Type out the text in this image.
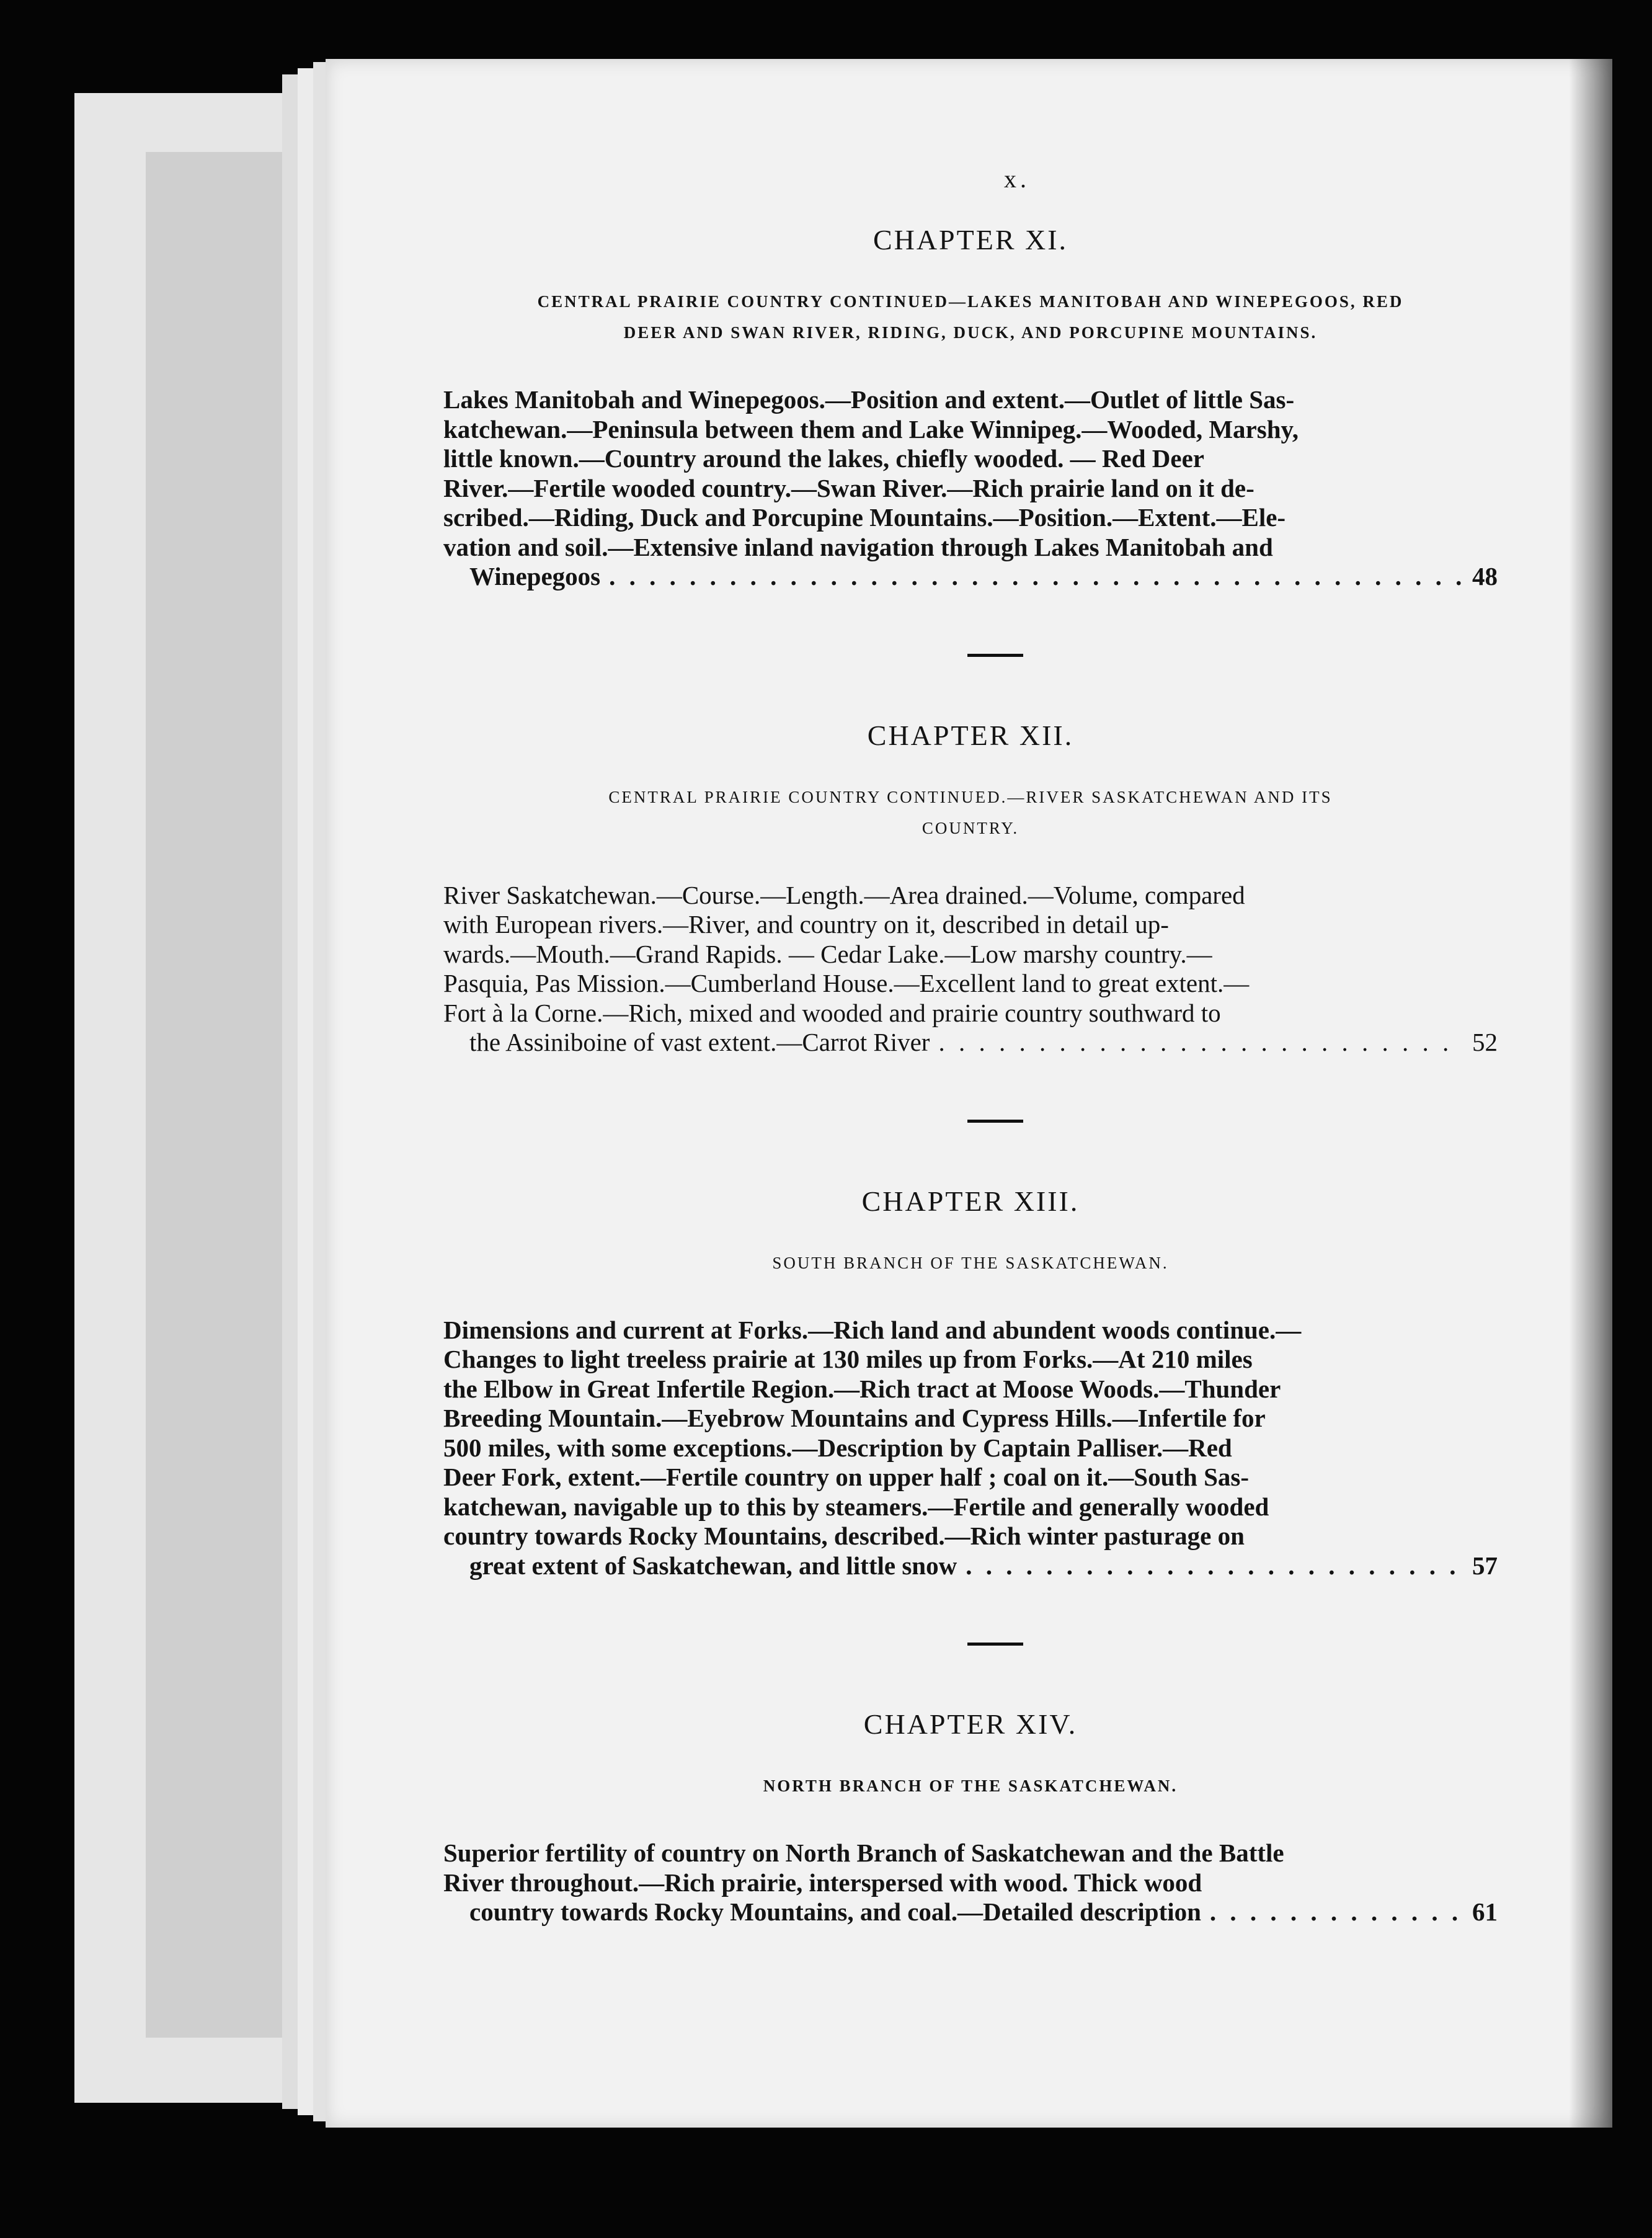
x.
CHAPTER XI.
CENTRAL PRAIRIE COUNTRY CONTINUED—LAKES MANITOBAH AND WINEPEGOOS, RED
DEER AND SWAN RIVER, RIDING, DUCK, AND PORCUPINE MOUNTAINS.

Lakes Manitobah and Winepegoos.—Position and extent.—Outlet of little Sas-
katchewan.—Peninsula between them and Lake Winnipeg.—Wooded, Marshy,
little known.—Country around the lakes, chiefly wooded. — Red Deer
River.—Fertile wooded country.—Swan River.—Rich prairie land on it de-
scribed.—Riding, Duck and Porcupine Mountains.—Position.—Extent.—Ele-
vation and soil.—Extensive inland navigation through Lakes Manitobah and
Winepegoos . . .	48

CHAPTER XII.
CENTRAL PRAIRIE COUNTRY CONTINUED.—RIVER SASKATCHEWAN AND ITS
COUNTRY.

River Saskatchewan.—Course.—Length.—Area drained.—Volume, compared
with European rivers.—River, and country on it, described in detail up-
wards.—Mouth.—Grand Rapids. — Cedar Lake.—Low marshy country.—
Pasquia, Pas Mission.—Cumberland House.—Excellent land to great extent.—
Fort à la Corne.—Rich, mixed and wooded and prairie country southward to
the Assiniboine of vast extent.—Carrot River . . .	52

CHAPTER XIII.
SOUTH BRANCH OF THE SASKATCHEWAN.

Dimensions and current at Forks.—Rich land and abundent woods continue.—
Changes to light treeless prairie at 130 miles up from Forks.—At 210 miles
the Elbow in Great Infertile Region.—Rich tract at Moose Woods.—Thunder
Breeding Mountain.—Eyebrow Mountains and Cypress Hills.—Infertile for
500 miles, with some exceptions.—Description by Captain Palliser.—Red
Deer Fork, extent.—Fertile country on upper half ; coal on it.—South Sas-
katchewan, navigable up to this by steamers.—Fertile and generally wooded
country towards Rocky Mountains, described.—Rich winter pasturage on
great extent of Saskatchewan, and little snow . . .	57

CHAPTER XIV.
NORTH BRANCH OF THE SASKATCHEWAN.

Superior fertility of country on North Branch of Saskatchewan and the Battle
River throughout.—Rich prairie, interspersed with wood. Thick wood
country towards Rocky Mountains, and coal.—Detailed description . . .	61
